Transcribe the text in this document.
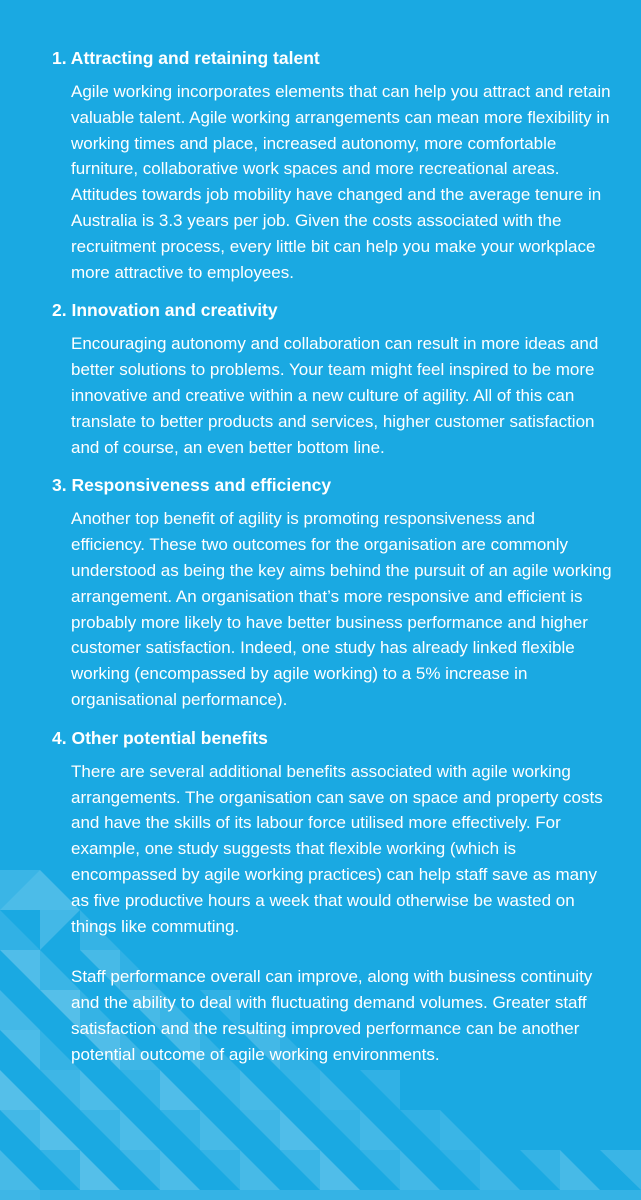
1. Attracting and retaining talent

Agile working incorporates elements that can help you attract and retain valuable talent. Agile working arrangements can mean more flexibility in working times and place, increased autonomy, more comfortable furniture, collaborative work spaces and more recreational areas.

Attitudes towards job mobility have changed and the average tenure in Australia is 3.3 years per job. Given the costs associated with the recruitment process, every little bit can help you make your workplace more attractive to employees.

2. Innovation and creativity

Encouraging autonomy and collaboration can result in more ideas and better solutions to problems. Your team might feel inspired to be more innovative and creative within a new culture of agility. All of this can translate to better products and services, higher customer satisfaction and of course, an even better bottom line.

3. Responsiveness and efficiency

Another top benefit of agility is promoting responsiveness and efficiency. These two outcomes for the organisation are commonly understood as being the key aims behind the pursuit of an agile working arrangement. An organisation that’s more responsive and efficient is probably more likely to have better business performance and higher customer satisfaction. Indeed, one study has already linked flexible working (encompassed by agile working) to a 5% increase in organisational performance).

4. Other potential benefits

There are several additional benefits associated with agile working arrangements. The organisation can save on space and property costs and have the skills of its labour force utilised more effectively. For example, one study suggests that flexible working (which is encompassed by agile working practices) can help staff save as many as five productive hours a week that would otherwise be wasted on things like commuting.

Staff performance overall can improve, along with business continuity and the ability to deal with fluctuating demand volumes. Greater staff satisfaction and the resulting improved performance can be another potential outcome of agile working environments.
